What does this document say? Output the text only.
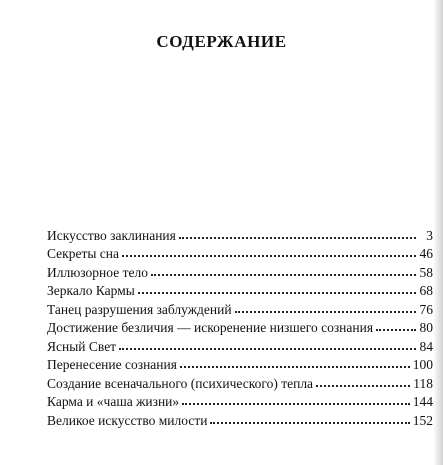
СОДЕРЖАНИЕ
Искусство заклинания	3
Секреты сна	46
Иллюзорное тело	58
Зеркало Кармы	68
Танец разрушения заблуждений	76
Достижение безличия — искоренение низшего сознания	80
Ясный Свет	84
Перенесение сознания	100
Создание всеначального (психического) тепла	118
Карма и «чаша жизни»	144
Великое искусство милости	152
